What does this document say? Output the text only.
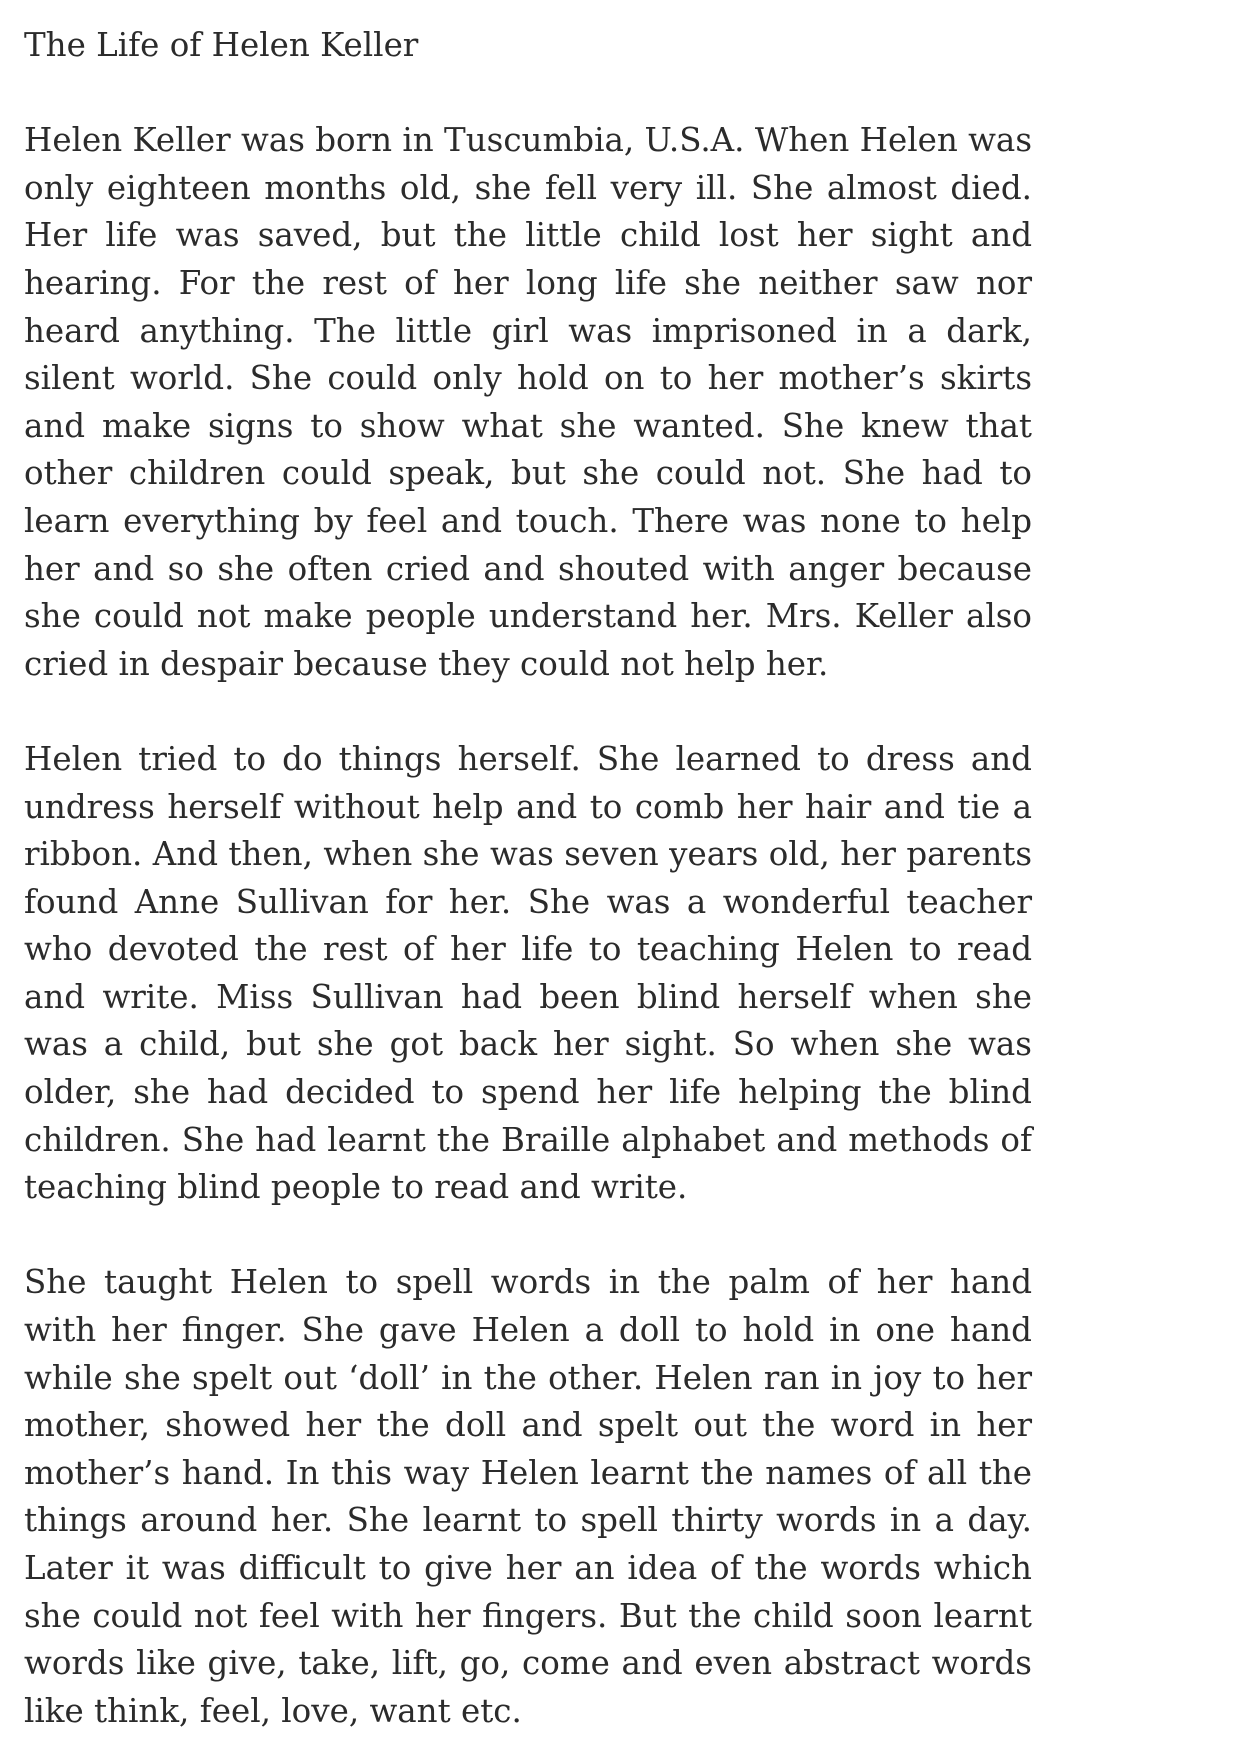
The Life of Helen Keller

Helen Keller was born in Tuscumbia, U.S.A. When Helen was only eighteen months old, she fell very ill. She almost died. Her life was saved, but the little child lost her sight and hearing. For the rest of her long life she neither saw nor heard anything. The little girl was imprisoned in a dark, silent world. She could only hold on to her mother’s skirts and make signs to show what she wanted. She knew that other children could speak, but she could not. She had to learn everything by feel and touch. There was none to help her and so she often cried and shouted with anger because she could not make people understand her. Mrs. Keller also cried in despair because they could not help her.

Helen tried to do things herself. She learned to dress and undress herself without help and to comb her hair and tie a ribbon. And then, when she was seven years old, her parents found Anne Sullivan for her. She was a wonderful teacher who devoted the rest of her life to teaching Helen to read and write. Miss Sullivan had been blind herself when she was a child, but she got back her sight. So when she was older, she had decided to spend her life helping the blind children. She had learnt the Braille alphabet and methods of teaching blind people to read and write.

She taught Helen to spell words in the palm of her hand with her finger. She gave Helen a doll to hold in one hand while she spelt out ‘doll’ in the other. Helen ran in joy to her mother, showed her the doll and spelt out the word in her mother’s hand. In this way Helen learnt the names of all the things around her. She learnt to spell thirty words in a day. Later it was difficult to give her an idea of the words which she could not feel with her fingers. But the child soon learnt words like give, take, lift, go, come and even abstract words like think, feel, love, want etc.
